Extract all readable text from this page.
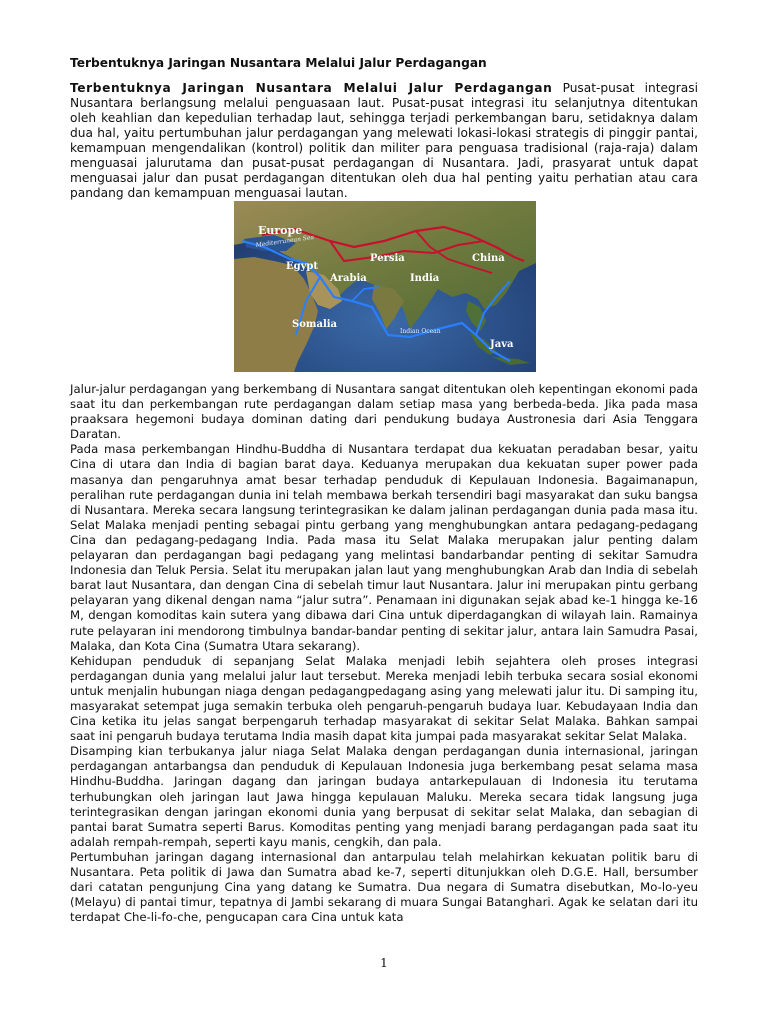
Terbentuknya Jaringan Nusantara Melalui Jalur Perdagangan

Terbentuknya Jaringan Nusantara Melalui Jalur Perdagangan Pusat-pusat integrasi Nusantara berlangsung melalui penguasaan laut. Pusat-pusat integrasi itu selanjutnya ditentukan oleh keahlian dan kepedulian terhadap laut, sehingga terjadi perkembangan baru, setidaknya dalam dua hal, yaitu pertumbuhan jalur perdagangan yang melewati lokasi-lokasi strategis di pinggir pantai, kemampuan mengendalikan (kontrol) politik dan militer para penguasa tradisional (raja-raja) dalam menguasai jalurutama dan pusat-pusat perdagangan di Nusantara. Jadi, prasyarat untuk dapat menguasai jalur dan pusat perdagangan ditentukan oleh dua hal penting yaitu perhatian atau cara pandang dan kemampuan menguasai lautan.

Europe
Mediterranean Sea
Egypt
Arabia
Persia
India
China
Somalia
Indian Ocean
Java

Jalur-jalur perdagangan yang berkembang di Nusantara sangat ditentukan oleh kepentingan ekonomi pada saat itu dan perkembangan rute perdagangan dalam setiap masa yang berbeda-beda. Jika pada masa praaksara hegemoni budaya dominan dating dari pendukung budaya Austronesia dari Asia Tenggara Daratan.

Pada masa perkembangan Hindhu-Buddha di Nusantara terdapat dua kekuatan peradaban besar, yaitu Cina di utara dan India di bagian barat daya. Keduanya merupakan dua kekuatan super power pada masanya dan pengaruhnya amat besar terhadap penduduk di Kepulauan Indonesia. Bagaimanapun, peralihan rute perdagangan dunia ini telah membawa berkah tersendiri bagi masyarakat dan suku bangsa di Nusantara. Mereka secara langsung terintegrasikan ke dalam jalinan perdagangan dunia pada masa itu. Selat Malaka menjadi penting sebagai pintu gerbang yang menghubungkan antara pedagang-pedagang Cina dan pedagang-pedagang India. Pada masa itu Selat Malaka merupakan jalur penting dalam pelayaran dan perdagangan bagi pedagang yang melintasi bandarbandar penting di sekitar Samudra Indonesia dan Teluk Persia. Selat itu merupakan jalan laut yang menghubungkan Arab dan India di sebelah barat laut Nusantara, dan dengan Cina di sebelah timur laut Nusantara. Jalur ini merupakan pintu gerbang pelayaran yang dikenal dengan nama “jalur sutra”. Penamaan ini digunakan sejak abad ke-1 hingga ke-16 M, dengan komoditas kain sutera yang dibawa dari Cina untuk diperdagangkan di wilayah lain. Ramainya rute pelayaran ini mendorong timbulnya bandar-bandar penting di sekitar jalur, antara lain Samudra Pasai, Malaka, dan Kota Cina (Sumatra Utara sekarang).

Kehidupan penduduk di sepanjang Selat Malaka menjadi lebih sejahtera oleh proses integrasi perdagangan dunia yang melalui jalur laut tersebut. Mereka menjadi lebih terbuka secara sosial ekonomi untuk menjalin hubungan niaga dengan pedagangpedagang asing yang melewati jalur itu. Di samping itu, masyarakat setempat juga semakin terbuka oleh pengaruh-pengaruh budaya luar. Kebudayaan India dan Cina ketika itu jelas sangat berpengaruh terhadap masyarakat di sekitar Selat Malaka. Bahkan sampai saat ini pengaruh budaya terutama India masih dapat kita jumpai pada masyarakat sekitar Selat Malaka.

Disamping kian terbukanya jalur niaga Selat Malaka dengan perdagangan dunia internasional, jaringan perdagangan antarbangsa dan penduduk di Kepulauan Indonesia juga berkembang pesat selama masa Hindhu-Buddha. Jaringan dagang dan jaringan budaya antarkepulauan di Indonesia itu terutama terhubungkan oleh jaringan laut Jawa hingga kepulauan Maluku. Mereka secara tidak langsung juga terintegrasikan dengan jaringan ekonomi dunia yang berpusat di sekitar selat Malaka, dan sebagian di pantai barat Sumatra seperti Barus. Komoditas penting yang menjadi barang perdagangan pada saat itu adalah rempah-rempah, seperti kayu manis, cengkih, dan pala.

Pertumbuhan jaringan dagang internasional dan antarpulau telah melahirkan kekuatan politik baru di Nusantara. Peta politik di Jawa dan Sumatra abad ke-7, seperti ditunjukkan oleh D.G.E. Hall, bersumber dari catatan pengunjung Cina yang datang ke Sumatra. Dua negara di Sumatra disebutkan, Mo-lo-yeu (Melayu) di pantai timur, tepatnya di Jambi sekarang di muara Sungai Batanghari. Agak ke selatan dari itu terdapat Che-li-fo-che, pengucapan cara Cina untuk kata

1
